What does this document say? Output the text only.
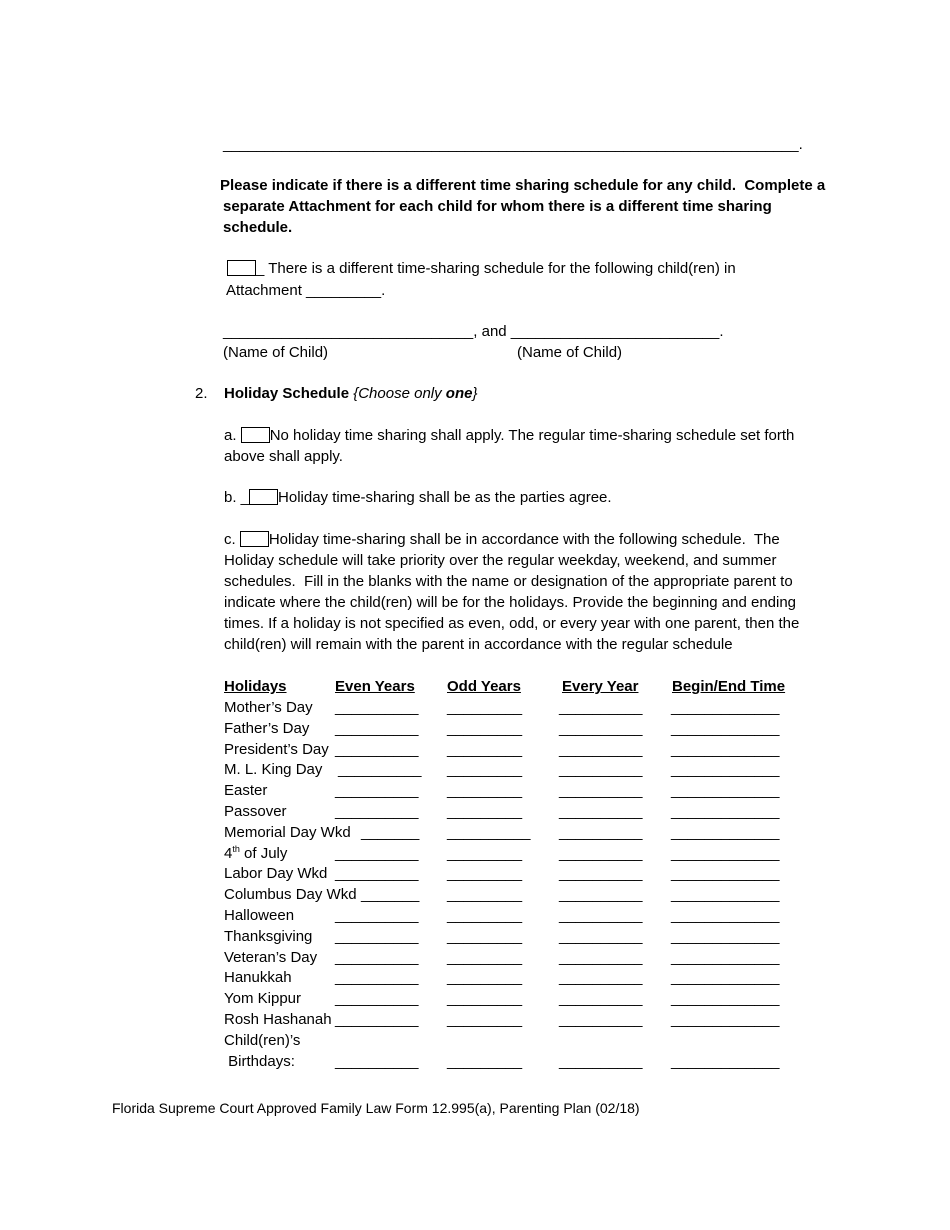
_____________________________________________________________________.
Please indicate if there is a different time sharing schedule for any child.  Complete a
separate Attachment for each child for whom there is a different time sharing
schedule.
_ There is a different time-sharing schedule for the following child(ren) in
Attachment _________.
______________________________, and _________________________.
(Name of Child)	(Name of Child)
2. Holiday Schedule {Choose only one}
a. No holiday time sharing shall apply. The regular time-sharing schedule set forth
above shall apply.
b. _ Holiday time-sharing shall be as the parties agree.
c. Holiday time-sharing shall be in accordance with the following schedule.  The
Holiday schedule will take priority over the regular weekday, weekend, and summer
schedules.  Fill in the blanks with the name or designation of the appropriate parent to
indicate where the child(ren) will be for the holidays. Provide the beginning and ending
times. If a holiday is not specified as even, odd, or every year with one parent, then the
child(ren) will remain with the parent in accordance with the regular schedule
Holidays	Even Years Odd Years	Every Year Begin/End Time
Mother’s Day __________ _________ __________ _____________
Father’s Day __________ _________ __________ _____________
President’s Day __________ _________ __________ _____________
M. L. King Day __________ _________ __________ _____________
Easter	__________ _________ __________ _____________
Passover	__________ _________ __________ _____________
Memorial Day Wkd _______ __________ __________ _____________
4th of July	__________ _________ __________ _____________
Labor Day Wkd __________ _________ __________ _____________
Columbus Day Wkd _______ _________ __________ _____________
Halloween	__________ _________ __________ _____________
Thanksgiving __________ _________ __________ _____________
Veteran’s Day __________ _________ __________ _____________
Hanukkah	__________ _________ __________ _____________
Yom Kippur __________ _________ __________ _____________
Rosh Hashanah __________ _________ __________ _____________
Child(ren)’s
Birthdays:	__________ _________ __________ _____________
Florida Supreme Court Approved Family Law Form 12.995(a), Parenting Plan (02/18)
